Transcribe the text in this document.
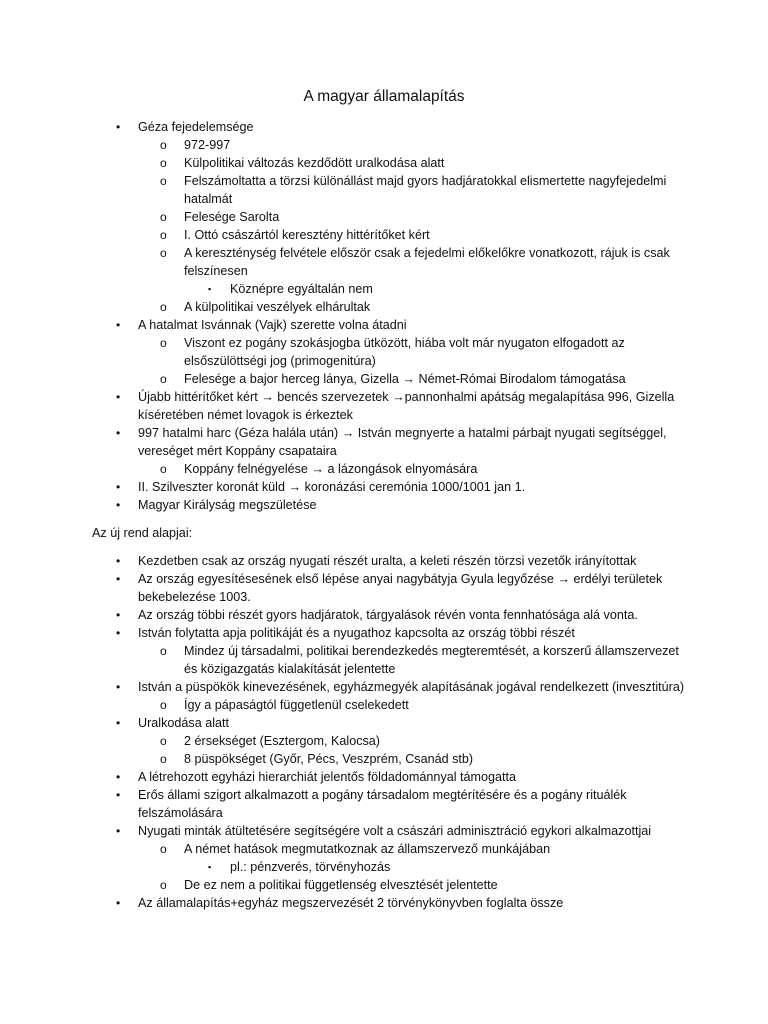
A magyar államalapítás
• Géza fejedelemsége
o 972-997
o Külpolitikai változás kezdődött uralkodása alatt
o Felszámoltatta a törzsi különállást majd gyors hadjáratokkal elismertette nagyfejedelmi hatalmát
o Felesége Sarolta
o I. Ottó császártól keresztény hittérítőket kért
o A kereszténység felvétele először csak a fejedelmi előkelőkre vonatkozott, rájuk is csak felszínesen
▪ Köznépre egyáltalán nem
o A külpolitikai veszélyek elhárultak
• A hatalmat Isvánnak (Vajk) szerette volna átadni
o Viszont ez pogány szokásjogba ütközött, hiába volt már nyugaton elfogadott az elsőszülöttségi jog (primogenitúra)
o Felesége a bajor herceg lánya, Gizella → Német-Római Birodalom támogatása
• Újabb hittérítőket kért → bencés szervezetek →pannonhalmi apátság megalapítása 996, Gizella kíséretében német lovagok is érkeztek
• 997 hatalmi harc (Géza halála után) → István megnyerte a hatalmi párbajt nyugati segítséggel, vereséget mért Koppány csapataira
o Koppány felnégyelése → a lázongások elnyomására
• II. Szilveszter koronát küld → koronázási ceremónia 1000/1001 jan 1.
• Magyar Királyság megszületése
Az új rend alapjai:
• Kezdetben csak az ország nyugati részét uralta, a keleti részén törzsi vezetők irányítottak
• Az ország egyesítésesének első lépése anyai nagybátyja Gyula legyőzése → erdélyi területek bekebelezése 1003.
• Az ország többi részét gyors hadjáratok, tárgyalások révén vonta fennhatósága alá vonta.
• István folytatta apja politikáját és a nyugathoz kapcsolta az ország többi részét
o Mindez új társadalmi, politikai berendezkedés megteremtését, a korszerű államszervezet és közigazgatás kialakítását jelentette
• István a püspökök kinevezésének, egyházmegyék alapításának jogával rendelkezett (invesztitúra)
o Így a pápaságtól függetlenül cselekedett
• Uralkodása alatt
o 2 érsekséget (Esztergom, Kalocsa)
o 8 püspökséget (Győr, Pécs, Veszprém, Csanád stb)
• A létrehozott egyházi hierarchiát jelentős földadománnyal támogatta
• Erős állami szigort alkalmazott a pogány társadalom megtérítésére és a pogány rituálék felszámolására
• Nyugati minták átültetésére segítségére volt a császári adminisztráció egykori alkalmazottjai
o A német hatások megmutatkoznak az államszervező munkájában
▪ pl.: pénzverés, törvényhozás
o De ez nem a politikai függetlenség elvesztését jelentette
• Az államalapítás+egyház megszervezését 2 törvénykönyvben foglalta össze
